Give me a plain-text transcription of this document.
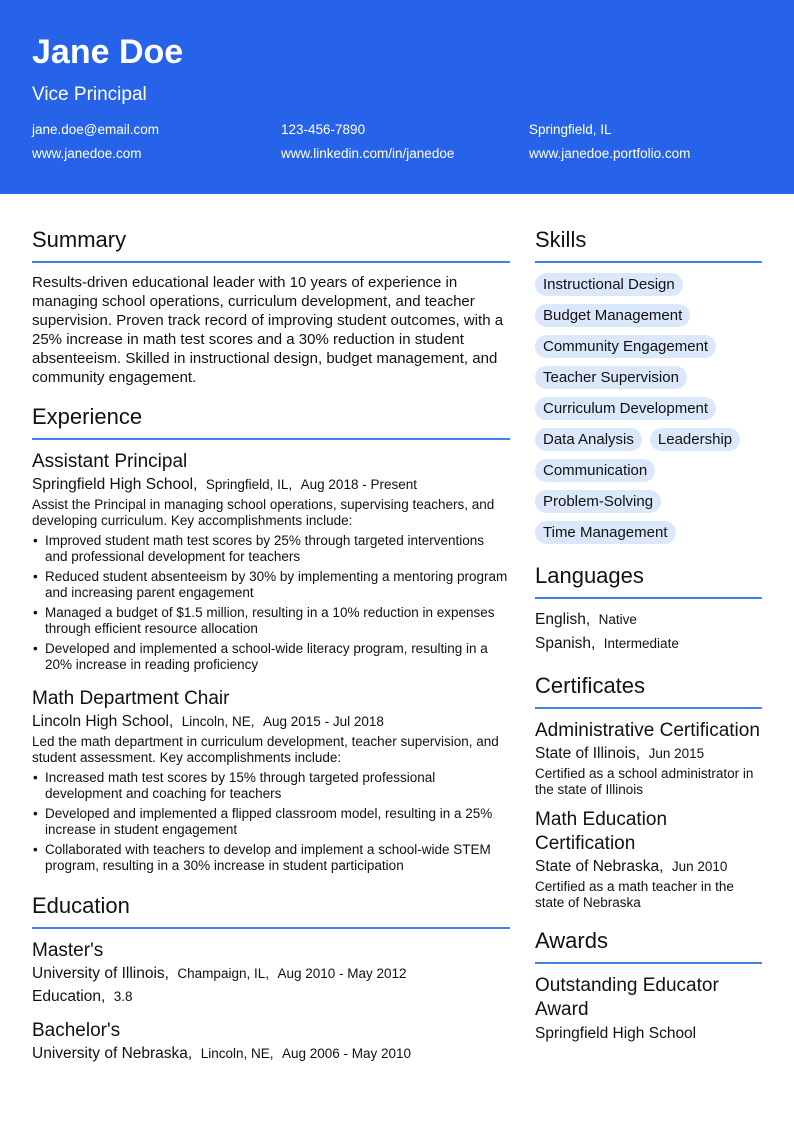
Jane Doe
Vice Principal
jane.doe@email.com	123-456-7890	Springfield, IL
www.janedoe.com	www.linkedin.com/in/janedoe	www.janedoe.portfolio.com
Summary
Results-driven educational leader with 10 years of experience in managing school operations, curriculum development, and teacher supervision. Proven track record of improving student outcomes, with a 25% increase in math test scores and a 30% reduction in student absenteeism. Skilled in instructional design, budget management, and community engagement.
Experience
Assistant Principal
Springfield High School, Springfield, IL, Aug 2018 - Present
Assist the Principal in managing school operations, supervising teachers, and developing curriculum. Key accomplishments include:
• Improved student math test scores by 25% through targeted interventions and professional development for teachers
• Reduced student absenteeism by 30% by implementing a mentoring program and increasing parent engagement
• Managed a budget of $1.5 million, resulting in a 10% reduction in expenses through efficient resource allocation
• Developed and implemented a school-wide literacy program, resulting in a 20% increase in reading proficiency
Math Department Chair
Lincoln High School, Lincoln, NE, Aug 2015 - Jul 2018
Led the math department in curriculum development, teacher supervision, and student assessment. Key accomplishments include:
• Increased math test scores by 15% through targeted professional development and coaching for teachers
• Developed and implemented a flipped classroom model, resulting in a 25% increase in student engagement
• Collaborated with teachers to develop and implement a school-wide STEM program, resulting in a 30% increase in student participation
Education
Master's
University of Illinois, Champaign, IL, Aug 2010 - May 2012
Education, 3.8
Bachelor's
University of Nebraska, Lincoln, NE, Aug 2006 - May 2010
Skills
Instructional Design
Budget Management
Community Engagement
Teacher Supervision
Curriculum Development
Data Analysis	Leadership
Communication
Problem-Solving
Time Management
Languages
English, Native
Spanish, Intermediate
Certificates
Administrative Certification
State of Illinois, Jun 2015
Certified as a school administrator in the state of Illinois
Math Education Certification
State of Nebraska, Jun 2010
Certified as a math teacher in the state of Nebraska
Awards
Outstanding Educator Award
Springfield High School
